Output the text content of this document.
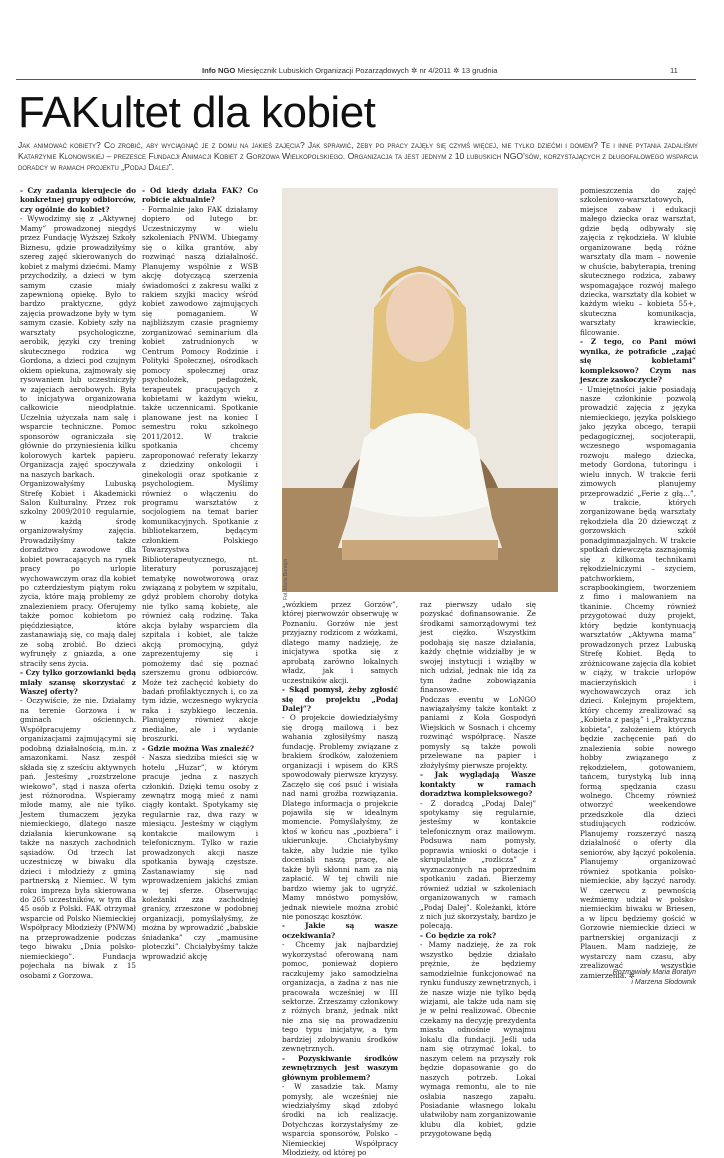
Info NGO Miesięcznik Lubuskich Organizacji Pozarządowych ✲ nr 4/2011 ✲ 13 grudnia	11
FAKultet dla kobiet

Jak animować kobiety? Co zrobić, aby wyciągnąć je z domu na jakieś zajęcia? Jak sprawić, żeby po pracy zajęły się czymś więcej, nie tylko dziećmi i domem? Te i inne pytania zadaliśmy Katarzynie Klonowskiej – prezesce Fundacji Animacji Kobiet z Gorzowa Wielkopolskiego. Organizacja ta jest jednym z 10 lubuskich NGO'sów, korzystających z długofalowego wsparcia doradcy w ramach projektu „Podaj Dalej”.

- Czy zadania kierujecie do konkretnej grupy odbiorców, czy ogólnie do kobiet?

- Wywodzimy się z „Aktywnej Mamy” prowadzonej niegdyś przez Fundację Wyższej Szkoły Biznesu, gdzie prowadziłyśmy szereg zajęć skierowanych do kobiet z małymi dziećmi. Mamy przychodziły, a dzieci w tym samym czasie miały zapewnioną opiekę. Było to bardzo praktyczne, gdyż zajęcia prowadzone były w tym samym czasie. Kobiety szły na warsztaty psychologiczne, aerobik, języki czy trening skutecznego rodzica wg Gordona, a dzieci pod czujnym okiem opiekuna, zajmowały się rysowaniem lub uczestniczyły w zajęciach aerobowych. Była to inicjatywa organizowana całkowicie nieodpłatnie. Uczelnia użyczała nam salę i wsparcie techniczne. Pomoc sponsorów ograniczała się głównie do przyniesienia kilku kolorowych kartek papieru. Organizacja zajęć spoczywała na naszych barkach.

Organizowałyśmy Lubuską Strefę Kobiet i Akademicki Salon Kulturalny. Przez rok szkolny 2009/2010 regularnie, w każdą środę organizowałyśmy zajęcia. Prowadziłyśmy także doradztwo zawodowe dla kobiet powracających na rynek pracy po urlopie wychowawczym oraz dla kobiet po czterdziestym piątym roku życia, które mają problemy ze znalezieniem pracy. Oferujemy także pomoc kobietom po pięćdziesiątce, które zastanawiają się, co mają dalej ze sobą zrobić. Bo dzieci wyfrunęły z gniazda, a one straciły sens życia.

- Czy tylko gorzowianki będą miały szansę skorzystać z Waszej oferty?

- Oczywiście, że nie. Działamy na terenie Gorzowa i w gminach ościennych. Współpracujemy z organizacjami zajmującymi się podobną działalnością, m.in. z amazonkami. Nasz zespół składa się z sześciu aktywnych pań. Jesteśmy „rozstrzelone wiekowo”, stąd i nasza oferta jest różnorodna. Wspieramy młode mamy, ale nie tylko. Jestem tłumaczem języka niemieckiego, dlatego nasze działania kierunkowane są także na naszych zachodnich sąsiadów. Od trzech lat uczestniczę w biwaku dla dzieci i młodzieży z gminą partnerską z Niemiec. W tym roku impreza była skierowana do 265 uczestników, w tym dla 45 osób z Polski. FAK otrzymał wsparcie od Polsko Niemieckiej Współpracy Młodzieży (PNWM) na przeprowadzenie podczas tego biwaku „Dnia polsko-niemieckiego”. Fundacja pojechała na biwak z 15 osobami z Gorzowa.

- Od kiedy działa FAK? Co robicie aktualnie?

- Formalnie jako FAK działamy dopiero od lutego br. Uczestniczymy w wielu szkoleniach PNWM. Ubiegamy się o kilka grantów, aby rozwinąć naszą działalność. Planujemy wspólnie z WSB akcję dotyczącą szerzenia świadomości z zakresu walki z rakiem szyjki macicy wśród kobiet zawodowo zajmujących się pomaganiem. W najbliższym czasie pragniemy zorganizować seminarium dla kobiet zatrudnionych w Centrum Pomocy Rodzinie i Polityki Społecznej, ośrodkach pomocy społecznej oraz psycholożek, pedagożek, terapeutek pracujących z kobietami w każdym wieku, także uczennicami. Spotkanie planowane jest na koniec I semestru roku szkolnego 2011/2012. W trakcie spotkania chcemy zaproponować referaty lekarzy z dziedziny onkologii i ginekologii oraz spotkanie z psychologiem. Myślimy również o włączeniu do programu warsztatów z socjologiem na temat barier komunikacyjnych. Spotkanie z bibliotekarzem, będącym członkiem Polskiego Towarzystwa Biblioterapeutycznego, nt. literatury poruszającej tematykę nowotworową oraz związaną z pobytem w szpitalu, gdyż problem choroby dotyka nie tylko samą kobietę, ale również całą rodzinę. Taka akcja byłaby wsparciem dla szpitala i kobiet, ale także akcją promocyjną, gdyż zaprezentujemy się i pomożemy dać się poznać szerszemu gronu odbiorców. Może też zachęcić kobiety do badań profilaktycznych i, co za tym idzie, wczesnego wykrycia raka i szybkiego leczenia. Planujemy również akcje medialne, ale i wydanie broszurki.

- Gdzie można Was znaleźć?

- Nasza siedziba mieści się w hotelu „Huzar”, w którym pracuje jedna z naszych członkiń. Dzięki temu osoby z zewnątrz mogą mieć z nami ciągły kontakt. Spotykamy się regularnie raz, dwa razy w miesiącu. Jesteśmy w ciągłym kontakcie mailowym i telefonicznym. Tylko w razie prowadzonych akcji nasze spotkania bywają częstsze. Zastanawiamy się nad wprowadzeniem jakichś zmian w tej sferze. Obserwując koleżanki zza zachodniej granicy, zrzeszone w podobnej organizacji, pomyślałyśmy, że można by wprowadzić „babskie śniadanka” czy „mamusine ploteczki”. Chciałybyśmy także wprowadzić akcję

Fot. Maria Boratyn

„wózkiem przez Gorzów”, której pierwowzór obserwuję w Poznaniu. Gorzów nie jest przyjazny rodzicom z wózkami, dlatego mamy nadzieję, że inicjatywa spotka się z aprobatą zarówno lokalnych władz, jak i samych uczestników akcji.

- Skąd pomysł, żeby zgłosić się do projektu „Podaj Dalej”?

- O projekcie dowiedziałyśmy się drogą mailową i bez wahania zgłosiłyśmy naszą fundację. Problemy związane z brakiem środków, założeniem organizacji i wpisem do KRS spowodowały pierwsze kryzysy. Zaczęło się coś psuć i wisiała nad nami groźba rozwiązania. Dlatego informacja o projekcie pojawiła się w idealnym momencie. Pomyślałyśmy, że ktoś w końcu nas „pozbiera” i ukierunkuje. Chciałybyśmy także, aby ludzie nie tylko doceniali naszą pracę, ale także byli skłonni nam za nią zapłacić. W tej chwili nie bardzo wiemy jak to ugryźć. Mamy mnóstwo pomysłów, jednak niewiele można zrobić nie ponosząc kosztów.

- Jakie są wasze oczekiwania?

- Chcemy jak najbardziej wykorzystać oferowaną nam pomoc, ponieważ dopiero raczkujemy jako samodzielna organizacja, a żadna z nas nie pracowała wcześniej w III sektorze. Zrzeszamy członkowy z różnych branż, jednak nikt nie zna się na prowadzeniu tego typu inicjatyw, a tym bardziej zdobywaniu środków zewnętrznych.

- Pozyskiwanie środków zewnętrznych jest waszym głównym problemem?

- W zasadzie tak. Mamy pomysły, ale wcześniej nie wiedziałyśmy skąd zdobyć środki na ich realizację. Dotychczas korzystałyśmy ze wsparcia sponsorów, Polsko – Niemieckiej Współpracy Młodzieży, od której po

raz pierwszy udało się pozyskać dofinansowanie. Ze środkami samorządowymi też jest ciężko. Wszystkim podobają się nasze działania, każdy chętnie widziałby je w swojej instytucji i wziąłby w nich udział, jednak nie idą za tym żadne zobowiązania finansowe.

Podczas eventu w LoNGO nawiązałyśmy także kontakt z paniami z Koła Gospodyń Wiejskich w Sosnach i chcemy rozwinąć współpracę. Nasze pomysły są także powoli przelewane na papier i złożyłyśmy pierwsze projekty.

- Jak wyglądają Wasze kontakty w ramach doradztwa kompleksowego?

- Z doradcą „Podaj Dalej” spotykamy się regularnie, jesteśmy w kontakcie telefonicznym oraz mailowym. Podsuwa nam pomysły, poprawia wnioski o dotacje i skrupulatnie „rozlicza” z wyznaczonych na poprzednim spotkaniu zadań. Bierzemy również udział w szkoleniach organizowanych w ramach „Podaj Dalej”. Koleżanki, które z nich już skorzystały, bardzo je polecają.

- Co będzie za rok?

- Mamy nadzieję, że za rok wszystko będzie działało prężnie, że będziemy samodzielnie funkcjonować na rynku funduszy zewnętrznych, i że nasze wizje nie tylko będą wizjami, ale także uda nam się je w pełni realizować. Obecnie czekamy na decyzję prezydenta miasta odnośnie wynajmu lokalu dla fundacji. Jeśli uda nam się otrzymać lokal, to naszym celem na przyszły rok będzie dopasowanie go do naszych potrzeb. Lokal wymaga remontu, ale to nie osłabia naszego zapału. Posiadanie własnego lokalu ułatwiłoby nam zorganizowanie klubu dla kobiet, gdzie przygotowane będą

pomieszczenia do zajęć szkoleniowo-warsztatowych, miejsce zabaw i edukacji małego dziecka oraz warsztat, gdzie będą odbywały się zajęcia z rękodzieła. W klubie organizowane będą różne warsztaty dla mam – nowenie w chuście, babyterapia, trening skutecznego rodzica, zabawy wspomagające rozwój małego dziecka, warsztaty dla kobiet w każdym wieku – kobieta 55+, skuteczna komunikacja, warsztaty krawieckie, filcowanie.

- Z tego, co Pani mówi wynika, że potraficie „zająć się kobietami” kompleksowo? Czym nas jeszcze zaskoczycie?

- Umiejętności jakie posiadają nasze członkinie pozwolą prowadzić zajęcia z języka niemieckiego, języka polskiego jako języka obcego, terapii pedagogicznej, socjoterapii, wczesnego wspomagania rozwoju małego dziecka, metody Gordona, tutoringu i wielu innych. W trakcie ferii zimowych planujemy przeprowadzić „Ferie z głą...”, w trakcie, których zorganizowane będą warsztaty rękodzieła dla 20 dziewcząt z gorzowskich szkół ponadgimnazjalnych. W trakcie spotkań dziewczęta zaznajomią się z kilkoma technikami rękodzielniczymi – szyciem, patchworkiem, scrapbookingiem, tworzeniem z fimo i malowaniem na tkaninie. Chcemy również przygotować duży projekt, który będzie kontynuacją warsztatów „Aktywna mama” prowadzonych przez Lubuską Strefę Kobiet. Będą to zróżnicowane zajęcia dla kobiet w ciąży, w trakcie urlopów macierzyńskich i wychowawczych oraz ich dzieci. Kolejnym projektem, który chcemy zrealizować są „Kobieta z pasją” i „Praktyczna kobieta”, założeniem których będzie zachęcenie pań do znalezienia sobie nowego hobby związanego z rękodziełem, gotowaniem, tańcem, turystyką lub inną formą spędzania czasu wolnego. Chcemy również otworzyć weekendowe przedszkole dla dzieci studiujących rodziców. Planujemy rozszerzyć naszą działalność o oferty dla seniorów, aby łączyć pokolenia. Planujemy organizować również spotkania polsko-niemieckie, aby łączyć narody. W czerwcu z pewnością weźmiemy udział w polsko-niemieckim biwaku w Briesen, a w lipcu będziemy gościć w Gorzowie niemieckie dzieci w partnerskiej organizacji z Plauen. Mam nadzieję, że wystarczy nam czasu, aby zrealizować wszystkie zamierzenia. ✲

Rozmawiały Maria Boratyn
i Marzena Słodownik
